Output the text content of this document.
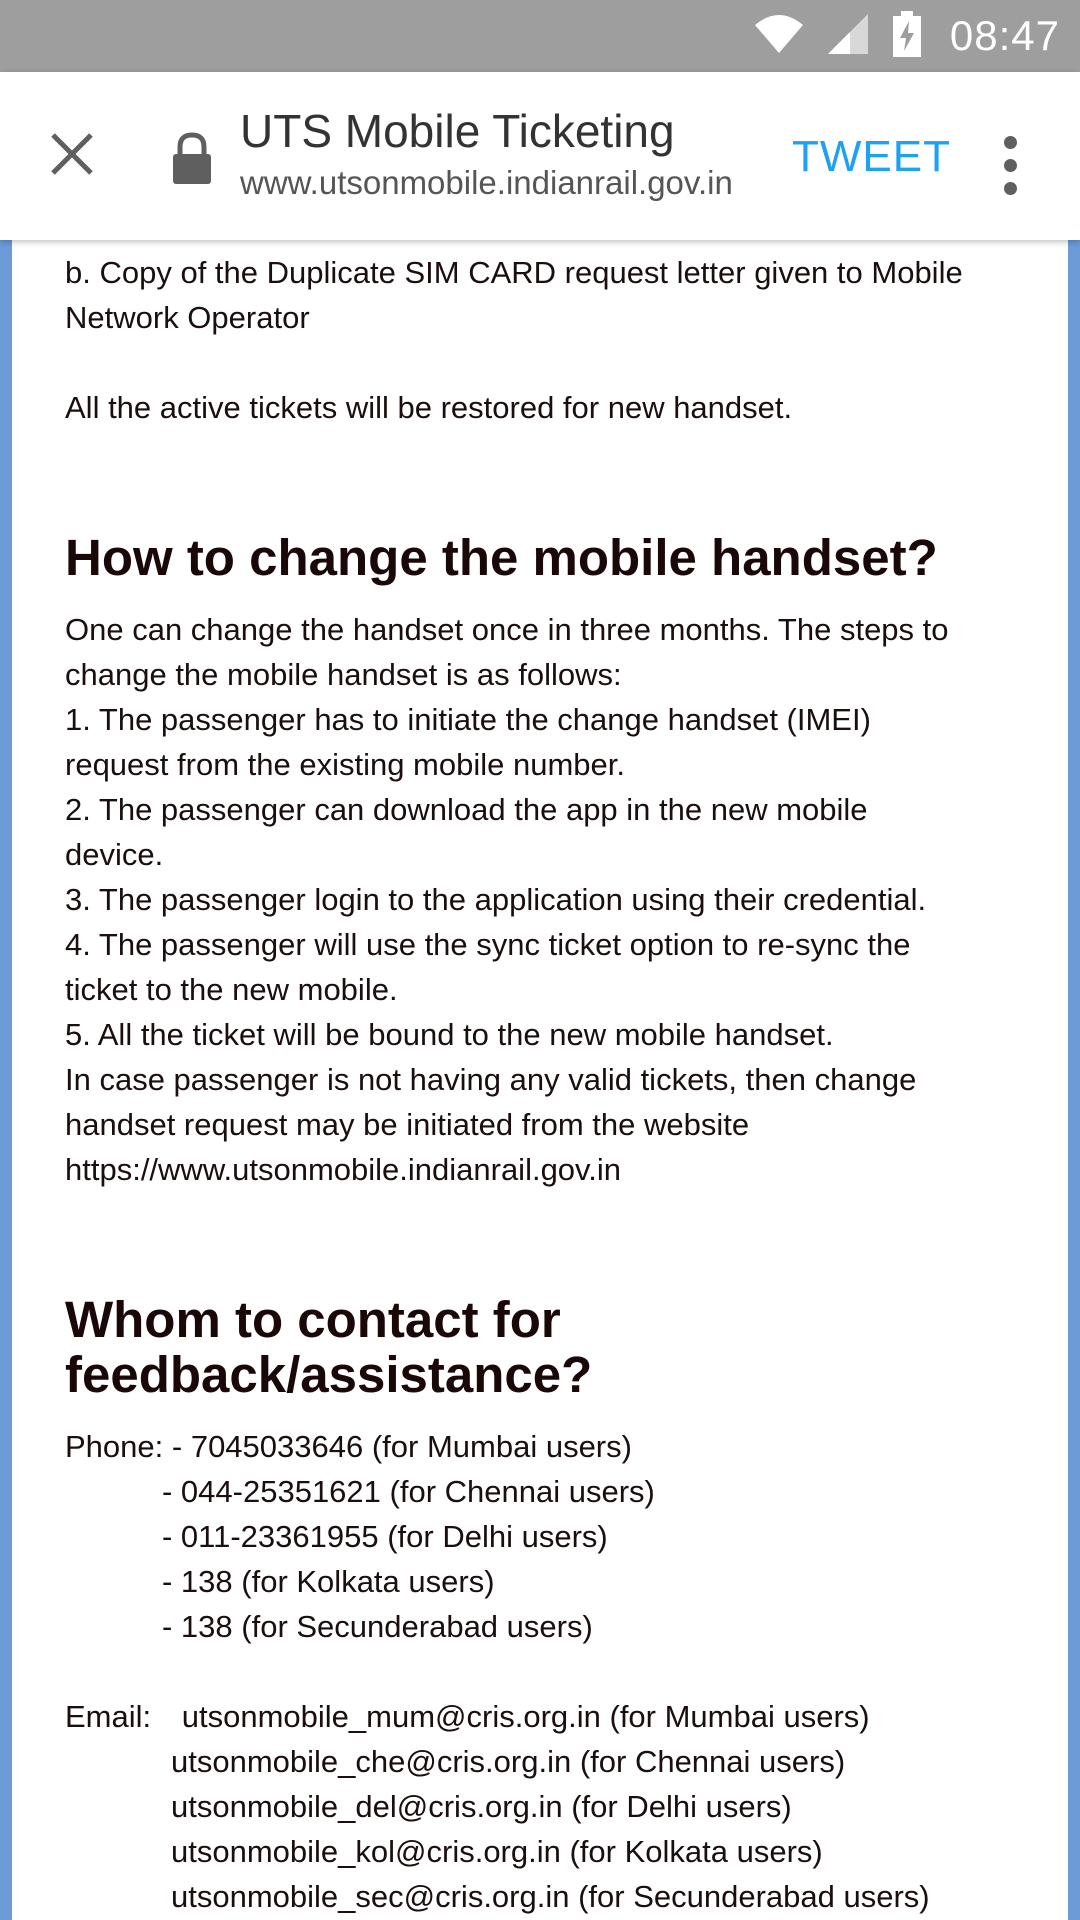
08:47
UTS Mobile Ticketing
www.utsonmobile.indianrail.gov.in
TWEET
b. Copy of the Duplicate SIM CARD request letter given to Mobile
Network Operator
All the active tickets will be restored for new handset.
How to change the mobile handset?
One can change the handset once in three months. The steps to
change the mobile handset is as follows:
1. The passenger has to initiate the change handset (IMEI)
request from the existing mobile number.
2. The passenger can download the app in the new mobile
device.
3. The passenger login to the application using their credential.
4. The passenger will use the sync ticket option to re-sync the
ticket to the new mobile.
5. All the ticket will be bound to the new mobile handset.
In case passenger is not having any valid tickets, then change
handset request may be initiated from the website
https://www.utsonmobile.indianrail.gov.in
Whom to contact for
feedback/assistance?
Phone: - 7045033646 (for Mumbai users)
- 044-25351621 (for Chennai users)
- 011-23361955 (for Delhi users)
- 138 (for Kolkata users)
- 138 (for Secunderabad users)
Email: utsonmobile_mum@cris.org.in (for Mumbai users)
utsonmobile_che@cris.org.in (for Chennai users)
utsonmobile_del@cris.org.in (for Delhi users)
utsonmobile_kol@cris.org.in (for Kolkata users)
utsonmobile_sec@cris.org.in (for Secunderabad users)
